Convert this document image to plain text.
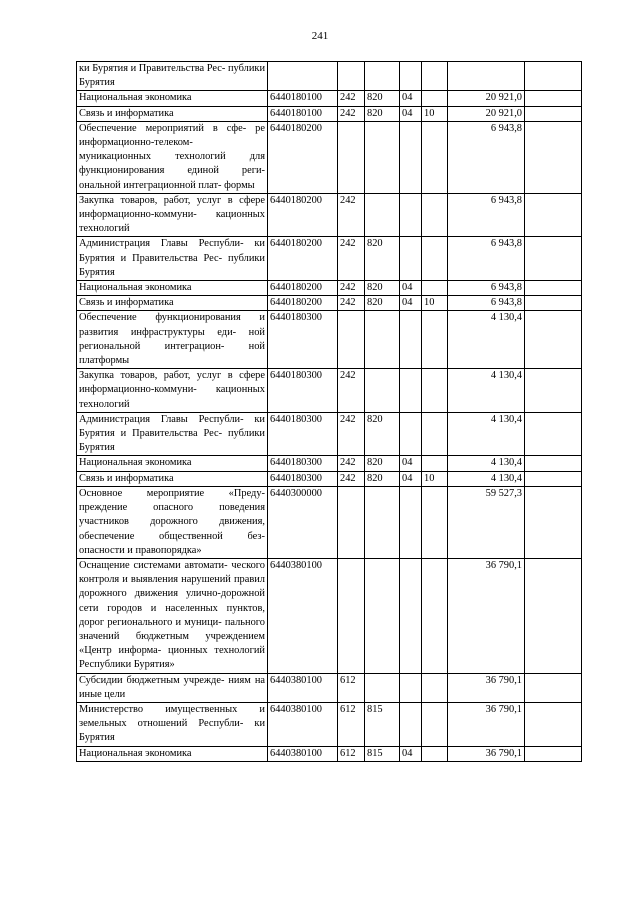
241
ки Бурятия и Правительства Рес- публики Бурятия							
Национальная экономика	6440180100	242	820	04		20 921,0	
Связь и информатика	6440180100	242	820	04	10	20 921,0	
Обеспечение мероприятий в сфе- ре информационно-телеком- муникационных технологий для функционирования единой реги- ональной интеграционной плат- формы	6440180200					6 943,8	
Закупка товаров, работ, услуг в сфере информационно-коммуни- кационных технологий	6440180200	242				6 943,8	
Администрация Главы Республи- ки Бурятия и Правительства Рес- публики Бурятия	6440180200	242	820			6 943,8	
Национальная экономика	6440180200	242	820	04		6 943,8	
Связь и информатика	6440180200	242	820	04	10	6 943,8	
Обеспечение функционирования и развития инфраструктуры еди- ной региональной интеграцион- ной платформы	6440180300					4 130,4	
Закупка товаров, работ, услуг в сфере информационно-коммуни- кационных технологий	6440180300	242				4 130,4	
Администрация Главы Республи- ки Бурятия и Правительства Рес- публики Бурятия	6440180300	242	820			4 130,4	
Национальная экономика	6440180300	242	820	04		4 130,4	
Связь и информатика	6440180300	242	820	04	10	4 130,4	
Основное мероприятие «Преду- преждение опасного поведения участников дорожного движения, обеспечение общественной без- опасности и правопорядка»	6440300000					59 527,3	
Оснащение системами автомати- ческого контроля и выявления нарушений правил дорожного движения улично-дорожной сети городов и населенных пунктов, дорог регионального и муници- пального значений бюджетным учреждением «Центр информа- ционных технологий Республики Бурятия»	6440380100					36 790,1	
Субсидии бюджетным учрежде- ниям на иные цели	6440380100	612				36 790,1	
Министерство имущественных и земельных отношений Республи- ки Бурятия	6440380100	612	815			36 790,1	
Национальная экономика	6440380100	612	815	04		36 790,1	
